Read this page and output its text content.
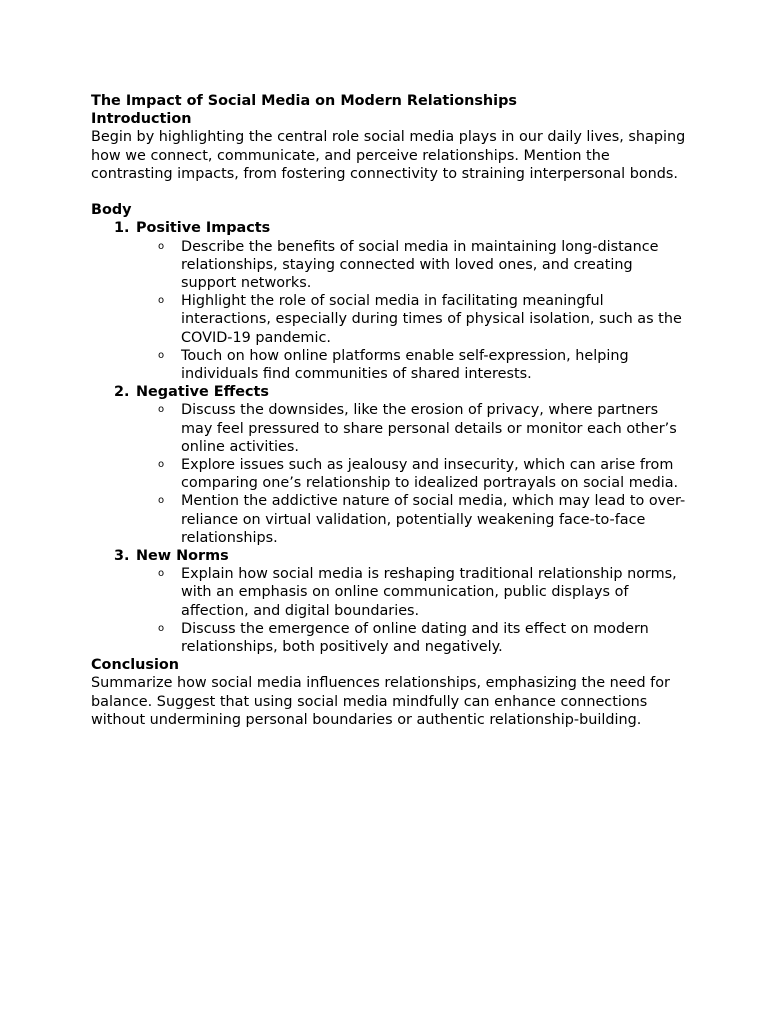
The Impact of Social Media on Modern Relationships

Introduction

Begin by highlighting the central role social media plays in our daily lives, shaping how we connect, communicate, and perceive relationships. Mention the contrasting impacts, from fostering connectivity to straining interpersonal bonds.

Body

1. Positive Impacts

o Describe the benefits of social media in maintaining long-distance relationships, staying connected with loved ones, and creating support networks.
o Highlight the role of social media in facilitating meaningful interactions, especially during times of physical isolation, such as the COVID-19 pandemic.
o Touch on how online platforms enable self-expression, helping individuals find communities of shared interests.

2. Negative Effects

o Discuss the downsides, like the erosion of privacy, where partners may feel pressured to share personal details or monitor each other’s online activities.
o Explore issues such as jealousy and insecurity, which can arise from comparing one’s relationship to idealized portrayals on social media.
o Mention the addictive nature of social media, which may lead to over-reliance on virtual validation, potentially weakening face-to-face relationships.

3. New Norms

o Explain how social media is reshaping traditional relationship norms, with an emphasis on online communication, public displays of affection, and digital boundaries.
o Discuss the emergence of online dating and its effect on modern relationships, both positively and negatively.

Conclusion

Summarize how social media influences relationships, emphasizing the need for balance. Suggest that using social media mindfully can enhance connections without undermining personal boundaries or authentic relationship-building.
